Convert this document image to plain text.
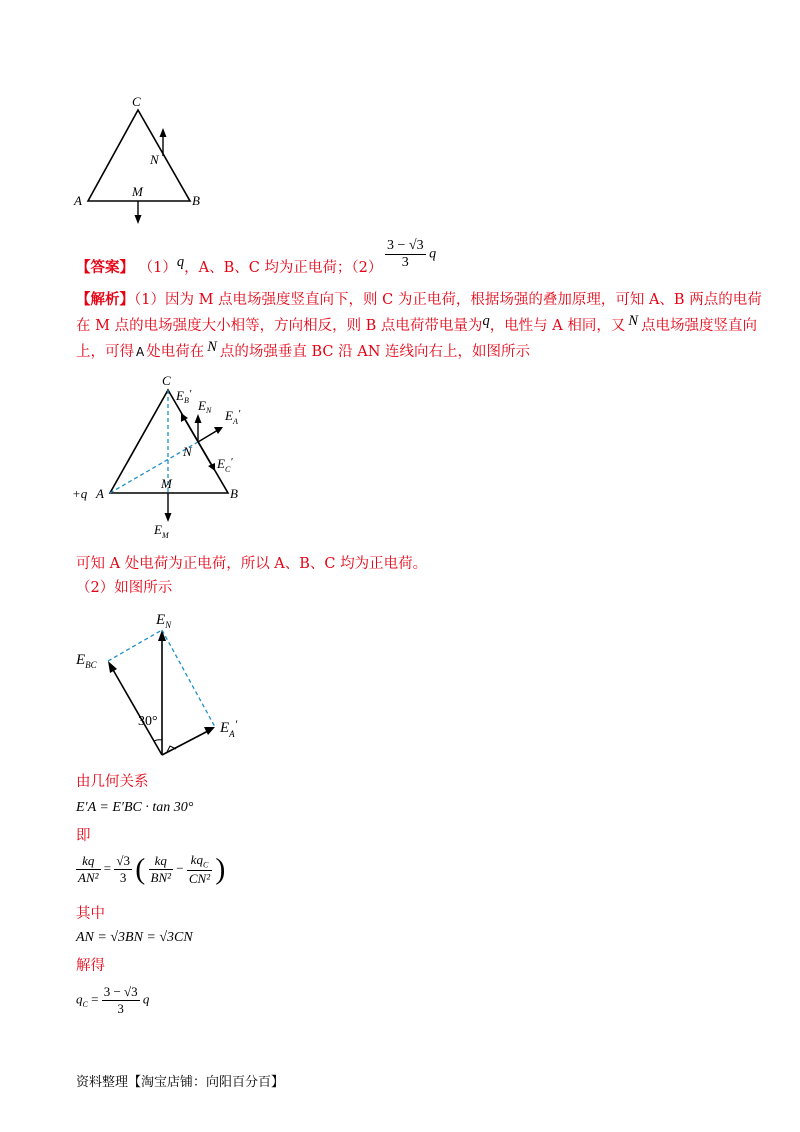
C
N
M
A	B
【答案】 （1）q，A、B、C 均为正电荷；$(2) \frac{3 - √3}{3}$ q
【解析】（1）因为 M 点电场强度竖直向下，则 C 为正电荷，根据场强的叠加原理，可知 A、B 两点的电荷
在 M 点的电场强度大小相等，方向相反，则 B 点电荷带电量为q，电性与 A 相同，又 N 点电场强度竖直向
上，可得 A 处电荷在 N 点的场强垂直 BC 沿 AN 连线向右上，如图所示
C
$E_B'$
$E_N$ $E_A'$
N
$E_C'$
+q A
M
B
$E_M$
可知 A 处电荷为正电荷，所以 A、B、C 均为正电荷。
（2）如图所示
$E_N$
$E_{BC}$
30°	$E_A'$
由几何关系
E′A = E′BC · tan 30°
即
$\frac{kq}{\text{AN²}} = \frac{√3}{3}$ ( $\frac{kq}{\text{BN²}} - \frac{kq_C}{\text{CN²}}$ )
其中
AN = √3BN = √3CN
解得
$q_C = \frac{3 - √3}{3}$ q
资料整理【淘宝店铺：向阳百分百】
